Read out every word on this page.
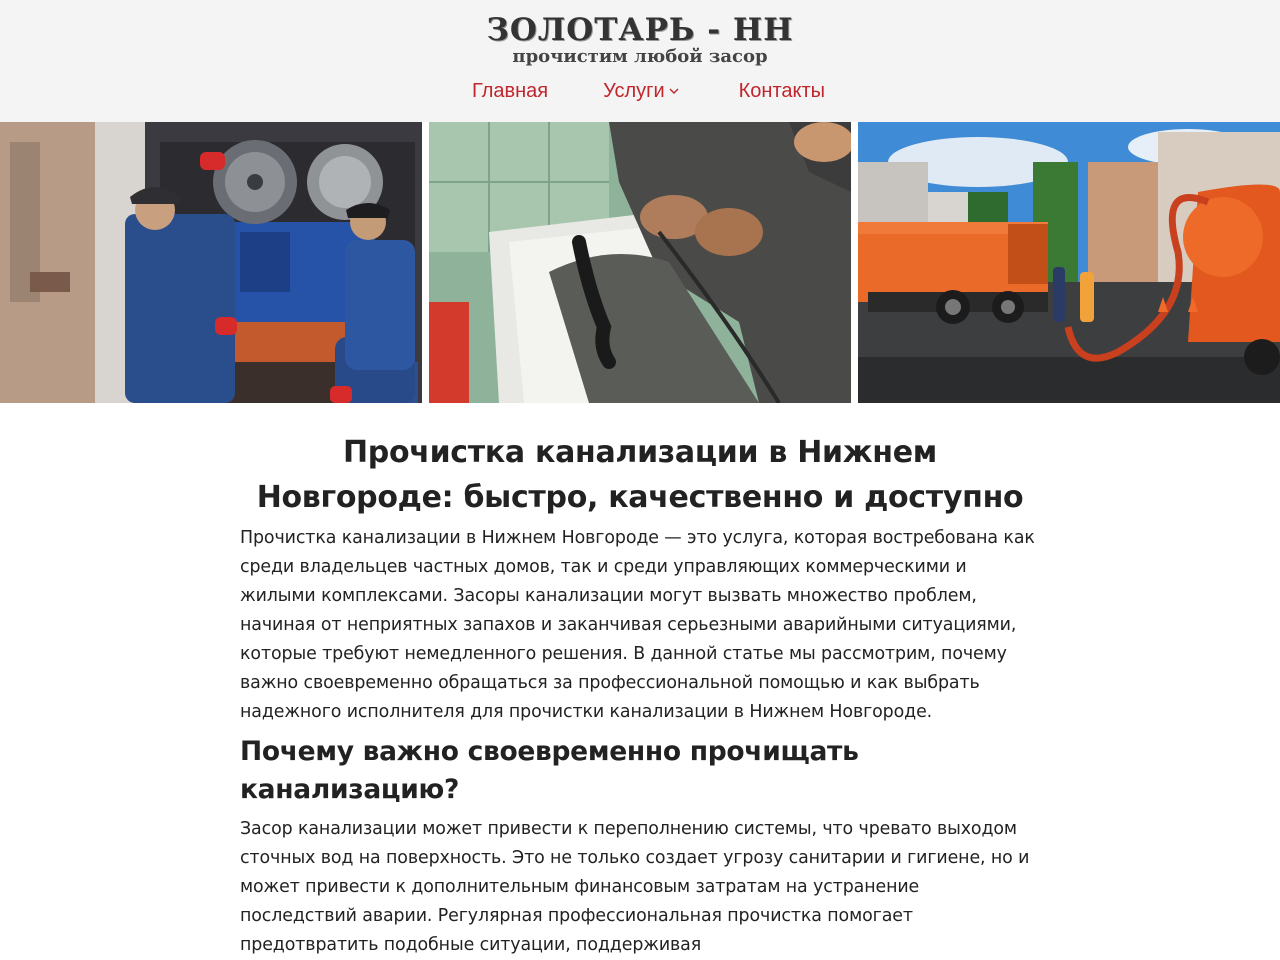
ЗОЛОТАРЬ - НН
прочистим любой засор
Главная	Услуги	Контакты
Прочистка канализации в Нижнем Новгороде: быстро, качественно и доступно

Прочистка канализации в Нижнем Новгороде — это услуга, которая востребована как среди владельцев частных домов, так и среди управляющих коммерческими и жилыми комплексами. Засоры канализации могут вызвать множество проблем, начиная от неприятных запахов и заканчивая серьезными аварийными ситуациями, которые требуют немедленного решения. В данной статье мы рассмотрим, почему важно своевременно обращаться за профессиональной помощью и как выбрать надежного исполнителя для прочистки канализации в Нижнем Новгороде.

Почему важно своевременно прочищать канализацию?

Засор канализации может привести к переполнению системы, что чревато выходом сточных вод на поверхность. Это не только создает угрозу санитарии и гигиене, но и может привести к дополнительным финансовым затратам на устранение последствий аварии. Регулярная профессиональная прочистка помогает предотвратить подобные ситуации, поддерживая
